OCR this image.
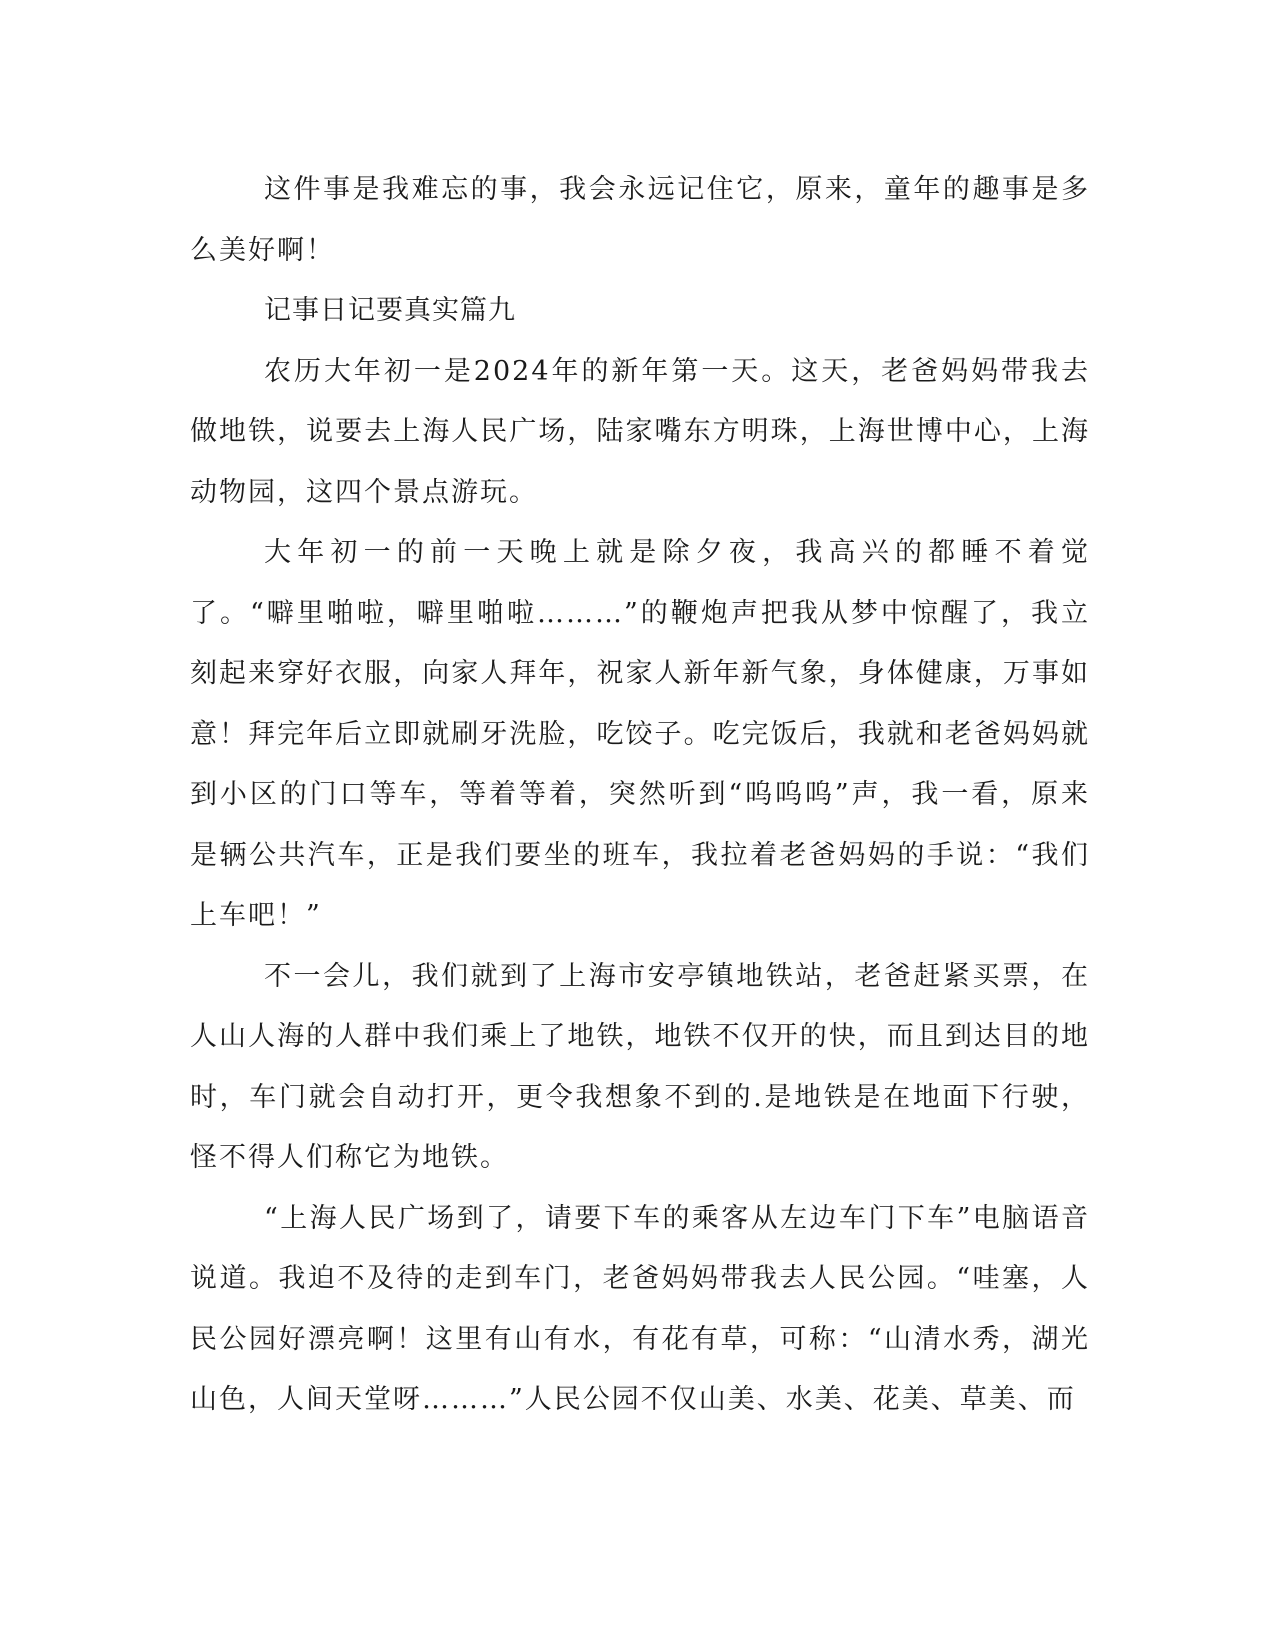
这件事是我难忘的事，我会永远记住它，原来，童年的趣事是多么美好啊！

记事日记要真实篇九

农历大年初一是2024年的新年第一天。这天，老爸妈妈带我去做地铁，说要去上海人民广场，陆家嘴东方明珠，上海世博中心，上海动物园，这四个景点游玩。

大年初一的前一天晚上就是除夕夜，我高兴的都睡不着觉了。“噼里啪啦，噼里啪啦………”的鞭炮声把我从梦中惊醒了，我立刻起来穿好衣服，向家人拜年，祝家人新年新气象，身体健康，万事如意！拜完年后立即就刷牙洗脸，吃饺子。吃完饭后，我就和老爸妈妈就到小区的门口等车，等着等着，突然听到“呜呜呜”声，我一看，原来是辆公共汽车，正是我们要坐的班车，我拉着老爸妈妈的手说：“我们上车吧！”

不一会儿，我们就到了上海市安亭镇地铁站，老爸赶紧买票，在人山人海的人群中我们乘上了地铁，地铁不仅开的快，而且到达目的地时，车门就会自动打开，更令我想象不到的.是地铁是在地面下行驶，怪不得人们称它为地铁。

“上海人民广场到了，请要下车的乘客从左边车门下车”电脑语音说道。我迫不及待的走到车门，老爸妈妈带我去人民公园。“哇塞，人民公园好漂亮啊！这里有山有水，有花有草，可称：“山清水秀，湖光山色，人间天堂呀………”人民公园不仅山美、水美、花美、草美、而
